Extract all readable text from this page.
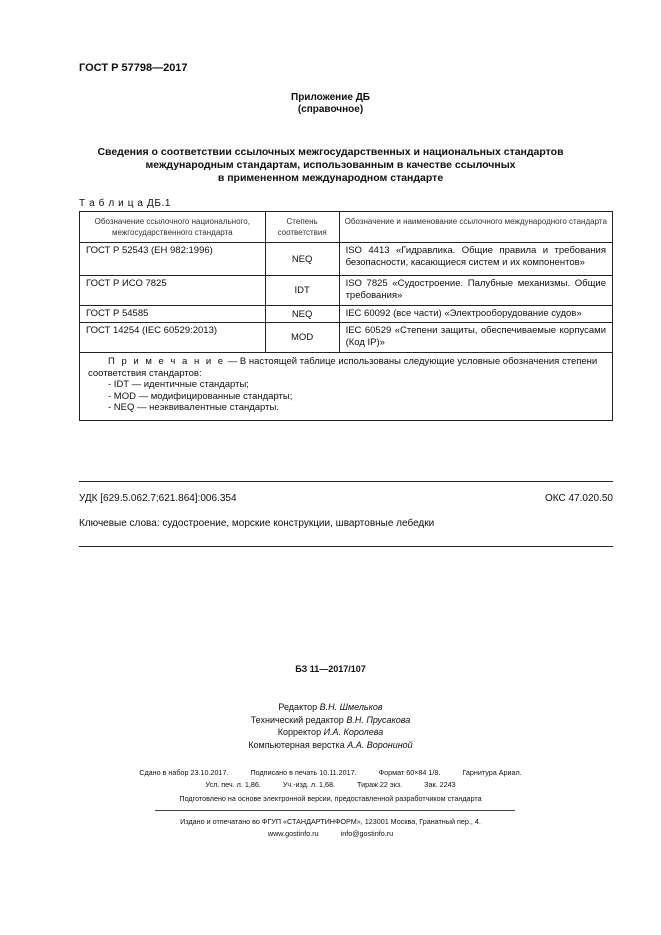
ГОСТ Р 57798—2017
Приложение ДБ
(справочное)
Сведения о соответствии ссылочных межгосударственных и национальных стандартов
международным стандартам, использованным в качестве ссылочных
в примененном международном стандарте
Т а б л и ц а ДБ.1
Обозначение ссылочного национального, межгосударственного стандарта	Степень соответствия	Обозначение и наименование ссылочного международного стандарта
ГОСТ Р 52543 (ЕН 982:1996)	NEQ	ISO 4413 «Гидравлика. Общие правила и требования безопасности, касающиеся систем и их компонентов»
ГОСТ Р ИСО 7825	IDT	ISO 7825 «Судостроение. Палубные механизмы. Общие требования»
ГОСТ Р 54585	NEQ	IEC 60092 (все части) «Электрооборудование судов»
ГОСТ 14254 (IEC 60529:2013)	MOD	IEC 60529 «Степени защиты, обеспечиваемые корпусами (Код IP)»

П р и м е ч а н и е — В настоящей таблице использованы следующие условные обозначения степени соответствия стандартов:
- IDT — идентичные стандарты;
- MOD — модифицированные стандарты;
- NEQ — неэквивалентные стандарты.		
УДК [629.5.062.7;621.864]:006.354	ОКС 47.020.50
Ключевые слова: судостроение, морские конструкции, швартовные лебедки
БЗ 11—2017/107
Редактор В.Н. Шмельков
Технический редактор В.Н. Прусакова
Корректор И.А. Королева
Компьютерная верстка А.А. Ворониной
Сдано в набор 23.10.2017.	Подписано в печать 10.11.2017.	Формат 60×84 1/8.	Гарнитура Ариал.
Усл. печ. л. 1,86.	Уч.-изд. л. 1,68.	Тираж 22 экз.	Зак. 2243
Подготовлено на основе электронной версии, предоставленной разработчиком стандарта
Издано и отпечатано во ФГУП «СТАНДАРТИНФОРМ», 123001 Москва, Гранатный пер., 4.
www.gostinfo.ru	info@gostinfo.ru
